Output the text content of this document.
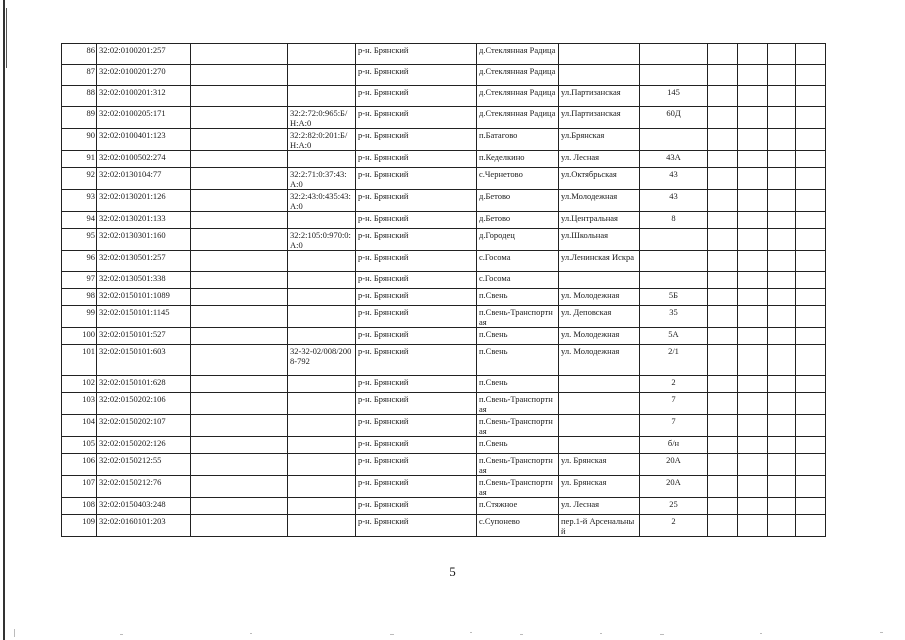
86	32:02:0100201:257			р-н. Брянский	д.Стеклянная Радица						
87	32:02:0100201:270			р-н. Брянский	д.Стеклянная Радица						
88	32:02:0100201:312			р-н. Брянский	д.Стеклянная Радица	ул.Партизанская	145				
89	32:02:0100205:171		32:2:72:0:965:Б/Н:А:0	р-н. Брянский	д.Стеклянная Радица	ул.Партизанская	60Д				
90	32:02:0100401:123		32:2:82:0:201:Б/Н:А:0	р-н. Брянский	п.Батагово	ул.Брянская					
91	32:02:0100502:274			р-н. Брянский	п.Кеделкино	ул. Лесная	43А				
92	32:02:0130104:77		32:2:71:0:37:43:А:0	р-н. Брянский	с.Чернетово	ул.Октябрьская	43				
93	32:02:0130201:126		32:2:43:0:435:43:А:0	р-н. Брянский	д.Бетово	ул.Молодежная	43				
94	32:02:0130201:133			р-н. Брянский	д.Бетово	ул.Центральная	8				
95	32:02:0130301:160		32:2:105:0:970:0:А:0	р-н. Брянский	д.Городец	ул.Школьная					
96	32:02:0130501:257			р-н. Брянский	с.Госома	ул.Ленинская Искра					
97	32:02:0130501:338			р-н. Брянский	с.Госома						
98	32:02:0150101:1089			р-н. Брянский	п.Свень	ул. Молодежная	5Б				
99	32:02:0150101:1145			р-н. Брянский	п.Свень-Транспортная	ул. Деповская	35				
100	32:02:0150101:527			р-н. Брянский	п.Свень	ул. Молодежная	5А				
101	32:02:0150101:603		32-32-02/008/2008-792	р-н. Брянский	п.Свень	ул. Молодежная	2/1				
102	32:02:0150101:628			р-н. Брянский	п.Свень		2				
103	32:02:0150202:106			р-н. Брянский	п.Свень-Транспортная		7				
104	32:02:0150202:107			р-н. Брянский	п.Свень-Транспортная		7				
105	32:02:0150202:126			р-н. Брянский	п.Свень		б/н				
106	32:02:0150212:55			р-н. Брянский	п.Свень-Транспортная	ул. Брянская	20А				
107	32:02:0150212:76			р-н. Брянский	п.Свень-Транспортная	ул. Брянская	20А				
108	32:02:0150403:248			р-н. Брянский	п.Стяжное	ул. Лесная	25				
109	32:02:0160101:203			р-н. Брянский	с.Супонево	пер.1-й Арсенальный	2				
5
